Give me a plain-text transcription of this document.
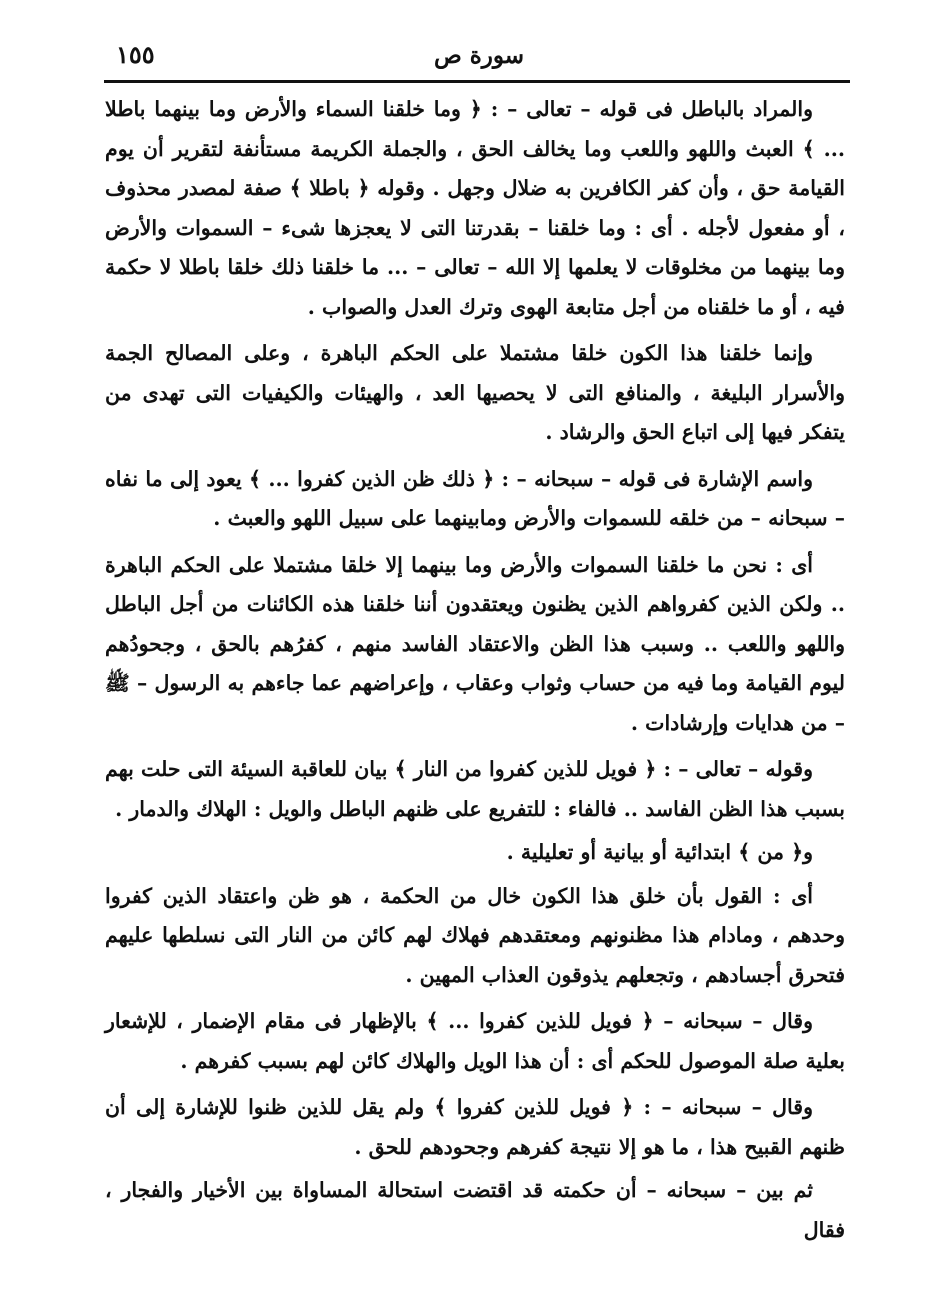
سورة ص
١٥٥

والمراد بالباطل فى قوله – تعالى – : ﴿ وما خلقنا السماء والأرض وما بينهما باطلا ... ﴾ العبث واللهو واللعب وما يخالف الحق ، والجملة الكريمة مستأنفة لتقرير أن يوم القيامة حق ، وأن كفر الكافرين به ضلال وجهل . وقوله ﴿ باطلا ﴾ صفة لمصدر محذوف ، أو مفعول لأجله . أى : وما خلقنا – بقدرتنا التى لا يعجزها شىء – السموات والأرض وما بينهما من مخلوقات لا يعلمها إلا الله – تعالى – ... ما خلقنا ذلك خلقا باطلا لا حكمة فيه ، أو ما خلقناه من أجل متابعة الهوى وترك العدل والصواب .

وإنما خلقنا هذا الكون خلقا مشتملا على الحكم الباهرة ، وعلى المصالح الجمة والأسرار البليغة ، والمنافع التى لا يحصيها العد ، والهيئات والكيفيات التى تهدى من يتفكر فيها إلى اتباع الحق والرشاد .

واسم الإشارة فى قوله – سبحانه – : ﴿ ذلك ظن الذين كفروا ... ﴾ يعود إلى ما نفاه – سبحانه – من خلقه للسموات والأرض ومابينهما على سبيل اللهو والعبث .

أى : نحن ما خلقنا السموات والأرض وما بينهما إلا خلقا مشتملا على الحكم الباهرة .. ولكن الذين كفرواهم الذين يظنون ويعتقدون أننا خلقنا هذه الكائنات من أجل الباطل واللهو واللعب .. وسبب هذا الظن والاعتقاد الفاسد منهم ، كفرُهم بالحق ، وجحودُهم ليوم القيامة وما فيه من حساب وثواب وعقاب ، وإعراضهم عما جاءهم به الرسول – ﷺ – من هدايات وإرشادات .

وقوله – تعالى – : ﴿ فويل للذين كفروا من النار ﴾ بيان للعاقبة السيئة التى حلت بهم بسبب هذا الظن الفاسد .. فالفاء : للتفريع على ظنهم الباطل والويل : الهلاك والدمار .

و﴿ من ﴾ ابتدائية أو بيانية أو تعليلية .

أى : القول بأن خلق هذا الكون خال من الحكمة ، هو ظن واعتقاد الذين كفروا وحدهم ، ومادام هذا مظنونهم ومعتقدهم فهلاك لهم كائن من النار التى نسلطها عليهم فتحرق أجسادهم ، وتجعلهم يذوقون العذاب المهين .

وقال – سبحانه – ﴿ فويل للذين كفروا ... ﴾ بالإظهار فى مقام الإضمار ، للإشعار بعلية صلة الموصول للحكم أى : أن هذا الويل والهلاك كائن لهم بسبب كفرهم .

وقال – سبحانه – : ﴿ فويل للذين كفروا ﴾ ولم يقل للذين ظنوا للإشارة إلى أن ظنهم القبيح هذا ، ما هو إلا نتيجة كفرهم وجحودهم للحق .

ثم بين – سبحانه – أن حكمته قد اقتضت استحالة المساواة بين الأخيار والفجار ، فقال
